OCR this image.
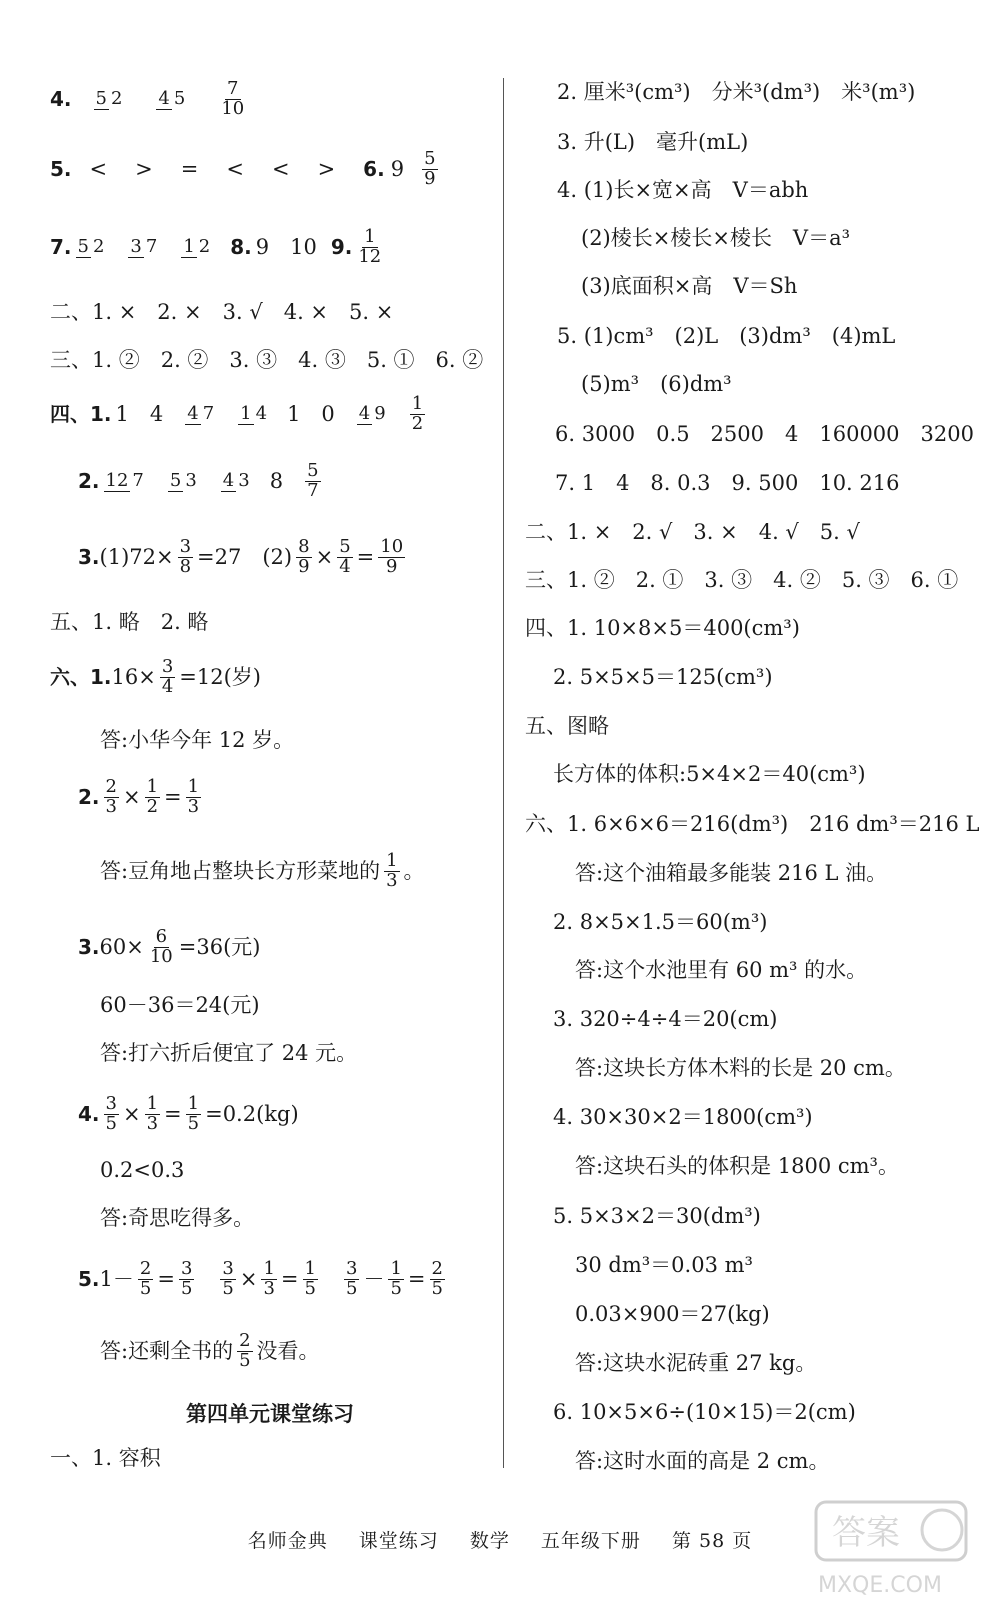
4. 5 2 4 $5 \frac{7}{10}$
5. < > = < < > 6. $9 \frac{5}{9}$
7. 5 2 3 7 1 2 8. 9　10 9. $\frac{1}{12}$
二、1. ×　2. ×　3. √　4. ×　5. ×
三、1. ②　2. ②　3. ③　4. ③　5. ①　6. ②
四、1. 1　4 4 7 1 4 1　0 4 $9 \frac{1}{2}$
2. 12 7 5 3 4 3 $8 \frac{5}{7}$
3. $(1)72\times \frac{3}{8} =27$　$(2) \frac{8}{9} \times \frac{5}{4} = \frac{10}{9}$
五、1. 略　2. 略
六、1. $16\times \frac{3}{4} =12$(岁)
答:小华今年 12 岁。
2. $\frac{2}{3} \times \frac{1}{2} = \frac{1}{3}$
答:豆角地占整块长方形菜地的 $\frac{1}{3}$ 。
3. $60\times \frac{6}{10} =36$(元)
60－36＝24(元)
答:打六折后便宜了 24 元。
4. $\frac{3}{5} \times \frac{1}{3} = \frac{1}{5} =0.2(kg)$
0.2<0.3
答:奇思吃得多。
5. $1- \frac{2}{5} = \frac{3}{5} \frac{3}{5} \times \frac{1}{3} = \frac{1}{5} \frac{3}{5} - \frac{1}{5} = \frac{2}{5}$
答:还剩全书的 $\frac{2}{5}$ 没看。
第四单元课堂练习
一、1. 容积
2. 厘米³(cm³)　分米³(dm³)　米³(m³)
3. 升(L)　毫升(mL)
4. (1)长×宽×高　V＝abh
(2)棱长×棱长×棱长　V＝a³
(3)底面积×高　V＝Sh
5. (1)cm³　(2)L　(3)dm³　(4)mL
(5)m³　(6)dm³
6. 3000　0.5　2500　4　160000　3200
7. 1　4　8. 0.3　9. 500　10. 216
二、1. ×　2. √　3. ×　4. √　5. √
三、1. ②　2. ①　3. ③　4. ②　5. ③　6. ①
四、1. 10×8×5＝400(cm³)
2. 5×5×5＝125(cm³)
五、图略
长方体的体积:5×4×2＝40(cm³)
六、1. 6×6×6＝216(dm³)　216 dm³＝216 L
答:这个油箱最多能装 216 L 油。
2. 8×5×1.5＝60(m³)
答:这个水池里有 60 m³ 的水。
3. 320÷4÷4＝20(cm)
答:这块长方体木料的长是 20 cm。
4. 30×30×2＝1800(cm³)
答:这块石头的体积是 1800 cm³。
5. 5×3×2＝30(dm³)
30 dm³＝0.03 m³
0.03×900＝27(kg)
答:这块水泥砖重 27 kg。
6. 10×5×6÷(10×15)＝2(cm)
答:这时水面的高是 2 cm。
名师金典 课堂练习 数学 五年级下册 第 58 页	答案
MXQE.COM
